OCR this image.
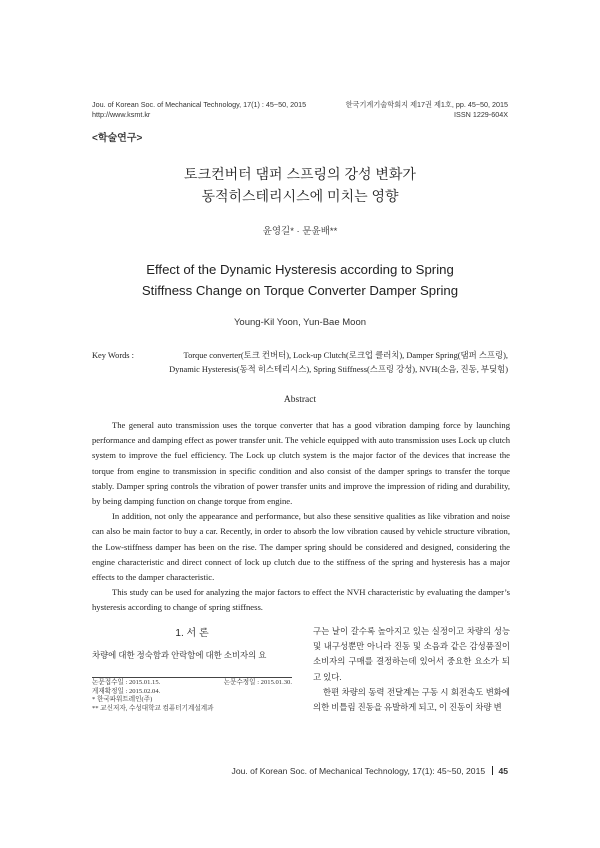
Jou. of Korean Soc. of Mechanical Technology, 17(1) : 45~50, 2015
http://www.ksmt.kr
한국기계기술학회지 제17권 제1호, pp. 45~50, 2015
ISSN 1229-604X
<학술연구>
토크컨버터 댐퍼 스프링의 강성 변화가
동적히스테리시스에 미치는 영향
윤영길* · 문윤배**
Effect of the Dynamic Hysteresis according to Spring
Stiffness Change on Torque Converter Damper Spring
Young-Kil Yoon, Yun-Bae Moon
Key Words :	Torque converter(토크 컨버터), Lock-up Clutch(로크업 클러치), Damper Spring(댐퍼 스프링),
Dynamic Hysteresis(동적 히스테리시스), Spring Stiffness(스프링 강성), NVH(소음, 진동, 부딪힘)
Abstract

The general auto transmission uses the torque converter that has a good vibration damping force by launching performance and damping effect as power transfer unit. The vehicle equipped with auto transmission uses Lock up clutch system to improve the fuel efficiency. The Lock up clutch system is the major factor of the devices that increase the torque from engine to transmission in specific condition and also consist of the damper springs to transfer the torque stably. Damper spring controls the vibration of power transfer units and improve the impression of riding and durability, by being damping function on change torque from engine.

In addition, not only the appearance and performance, but also these sensitive qualities as like vibration and noise can also be main factor to buy a car. Recently, in order to absorb the low vibration caused by vehicle structure vibration, the Low-stiffness damper has been on the rise. The damper spring should be considered and designed, considering the engine characteristic and direct connect of lock up clutch due to the stiffness of the spring and hysteresis has a major effects to the damper characteristic.

This study can be used for analyzing the major factors to effect the NVH characteristic by evaluating the damper’s hysteresis according to change of spring stiffness.

1. 서 론

차량에 대한 정숙함과 안락함에 대한 소비자의 요

논문접수일 : 2015.01.15.	논문수정일 : 2015.01.30.
게재확정일 : 2015.02.04.
* 한국파워트레인(주)
** 교신저자, 수성대학교 컴퓨터기계설계과

구는 날이 갈수록 높아지고 있는 실정이고 차량의 성능 및 내구성뿐만 아니라 진동 및 소음과 같은 감성품질이 소비자의 구매를 결정하는데 있어서 중요한 요소가 되고 있다.

한편 차량의 동력 전달계는 구동 시 회전속도 변화에 의한 비틀림 진동을 유발하게 되고, 이 진동이 차량 변

Jou. of Korean Soc. of Mechanical Technology, 17(1): 45~50, 2015 45
